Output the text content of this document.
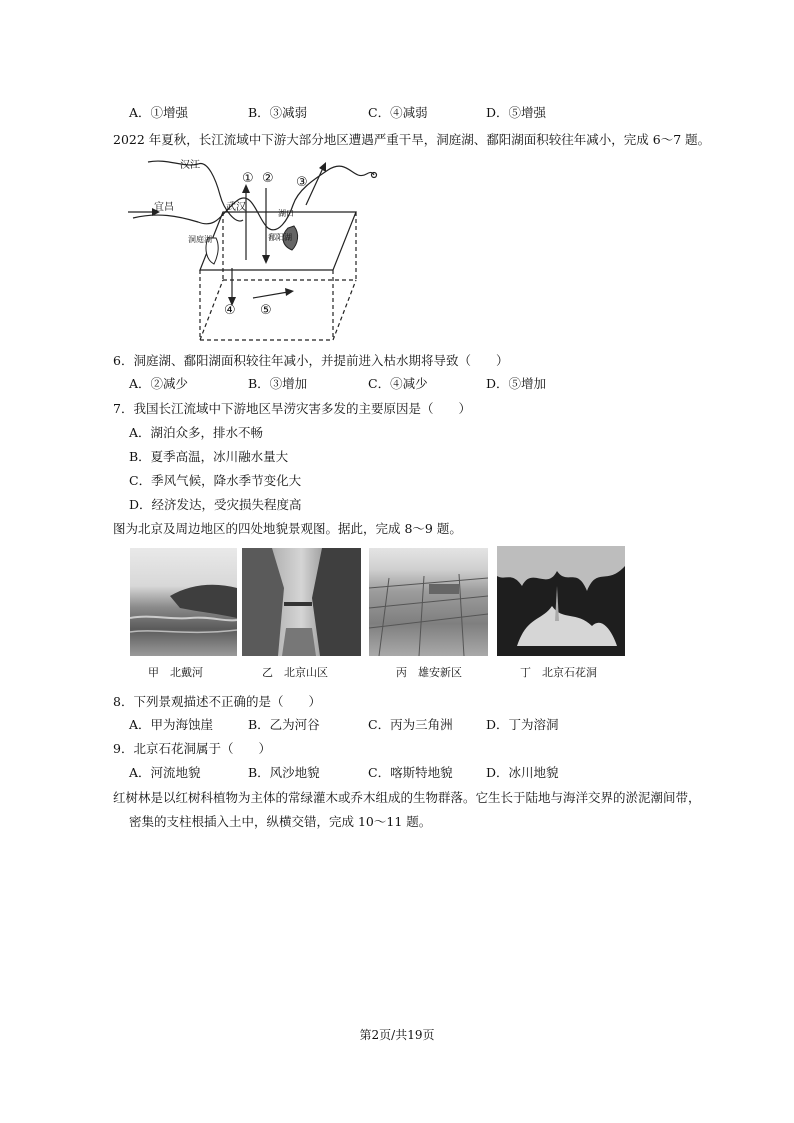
A．①增强	B．③减弱	C．④减弱	D．⑤增强
2022 年夏秋，长江流域中下游大部分地区遭遇严重干旱，洞庭湖、鄱阳湖面积较往年减小，完成 6～7 题。
汉江
宜昌	武汉
湖口
① ② ③
④ ⑤
洞庭湖	鄱阳湖
6．洞庭湖、鄱阳湖面积较往年减小，并提前进入枯水期将导致（　　）
A．②减少	B．③增加	C．④减少	D．⑤增加
7．我国长江流域中下游地区旱涝灾害多发的主要原因是（　　）
A．湖泊众多，排水不畅
B．夏季高温，冰川融水量大
C．季风气候，降水季节变化大
D．经济发达，受灾损失程度高
图为北京及周边地区的四处地貌景观图。据此，完成 8～9 题。
甲　北戴河	乙　北京山区	丙　雄安新区	丁　北京石花洞
8．下列景观描述不正确的是（　　）
A．甲为海蚀崖	B．乙为河谷	C．丙为三角洲	D．丁为溶洞
9．北京石花洞属于（　　）
A．河流地貌	B．风沙地貌	C．喀斯特地貌	D．冰川地貌
红树林是以红树科植物为主体的常绿灌木或乔木组成的生物群落。它生长于陆地与海洋交界的淤泥潮间带，
密集的支柱根插入土中，纵横交错，完成 10～11 题。
第2页/共19页
